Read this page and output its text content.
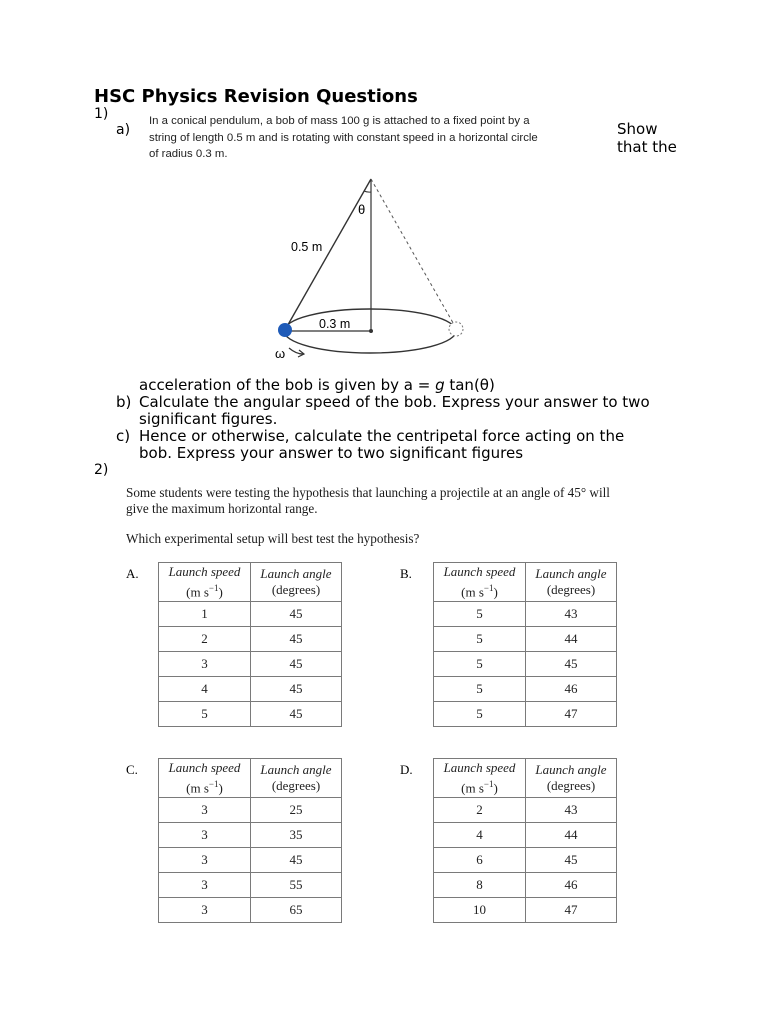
HSC Physics Revision Questions
1)
a)
In a conical pendulum, a bob of mass 100 g is attached to a fixed point by a
string of length 0.5 m and is rotating with constant speed in a horizontal circle
of radius 0.3 m.
θ
0.5 m
0.3 m
ω
Show that the
acceleration of the bob is given by a = g tan(θ)
b) Calculate the angular speed of the bob. Express your answer to two
significant figures.
c) Hence or otherwise, calculate the centripetal force acting on the
bob. Express your answer to two significant figures
2)
Some students were testing the hypothesis that launching a projectile at an angle of 45° will
give the maximum horizontal range.
Which experimental setup will best test the hypothesis?
A.	Launch speed
(m $s^{-1}$)	Launch angle
(degrees)

1	45
2	45
3	45
4	45
5	45
B.	Launch speed
(m $s^{-1}$)	Launch angle
(degrees)

5	43
5	44
5	45
5	46
5	47
C.	Launch speed
(m $s^{-1}$)	Launch angle
(degrees)

3	25
3	35
3	45
3	55
3	65
D.	Launch speed
(m $s^{-1}$)	Launch angle
(degrees)

2	43
4	44
6	45
8	46
10	47
